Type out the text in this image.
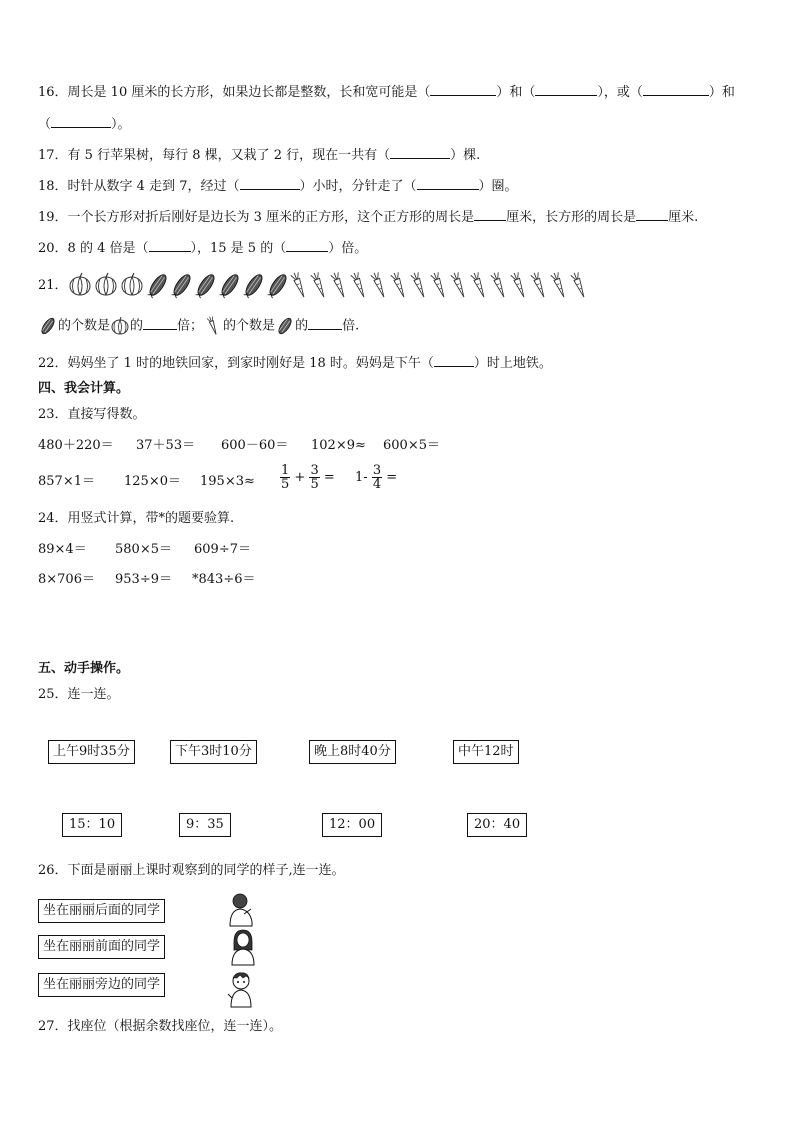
16．周长是 10 厘米的长方形，如果边长都是整数，长和宽可能是（	）和（	），或（	）和
（	）。
17．有 5 行苹果树，每行 8 棵，又栽了 2 行，现在一共有（	）棵.
18．时针从数字 4 走到 7，经过（	）小时，分针走了（	）圈。
19．一个长方形对折后刚好是边长为 3 厘米的正方形，这个正方形的周长是 厘米，长方形的周长是 厘米.
20．8 的 4 倍是（	），15 是 5 的（	）倍。
21．
的个数是 的	倍； 的个数是 的	倍.
22．妈妈坐了 1 时的地铁回家，到家时刚好是 18 时。妈妈是下午（	）时上地铁。
四、我会计算。
23．直接写得数。
480＋220＝ 37＋53＝ 600－60＝ 102×9≈ 600×5＝
$857\times 1= 125\times 0= 195\times 3\approx \frac{1}{5} + \frac{3}{5} = 1- \frac{3}{4}$ =
24．用竖式计算，带*的题要验算.
89×4＝ 580×5＝ 609÷7＝
8×706＝ 953÷9＝ *843÷6＝
五、动手操作。
25．连一连。
上午9时35分	下午3时10分	晚上8时40分	中午12时
15：10	9：35	12：00	20：40
26．下面是丽丽上课时观察到的同学的样子,连一连。
坐在丽丽后面的同学
坐在丽丽前面的同学
坐在丽丽旁边的同学
27．找座位（根据余数找座位，连一连）。
